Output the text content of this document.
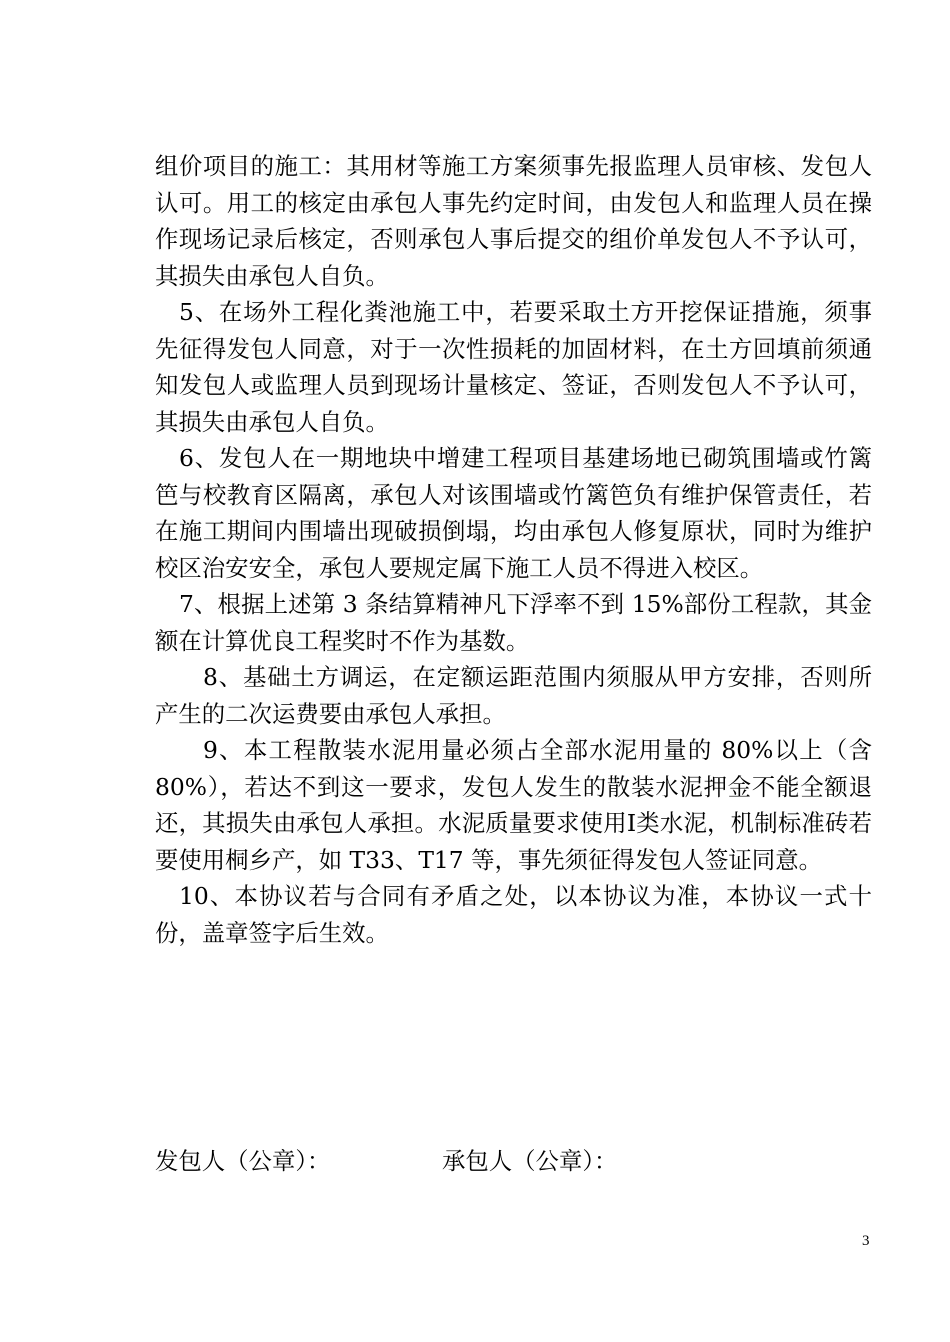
组价项目的施工：其用材等施工方案须事先报监理人员审核、发包人认可。用工的核定由承包人事先约定时间，由发包人和监理人员在操作现场记录后核定，否则承包人事后提交的组价单发包人不予认可，其损失由承包人自负。

5、在场外工程化粪池施工中，若要采取土方开挖保证措施，须事先征得发包人同意，对于一次性损耗的加固材料，在土方回填前须通知发包人或监理人员到现场计量核定、签证，否则发包人不予认可，其损失由承包人自负。

6、发包人在一期地块中增建工程项目基建场地已砌筑围墙或竹篱笆与校教育区隔离，承包人对该围墙或竹篱笆负有维护保管责任，若在施工期间内围墙出现破损倒塌，均由承包人修复原状，同时为维护校区治安安全，承包人要规定属下施工人员不得进入校区。

7、根据上述第 3 条结算精神凡下浮率不到 15%部份工程款，其金额在计算优良工程奖时不作为基数。

8、基础土方调运，在定额运距范围内须服从甲方安排，否则所产生的二次运费要由承包人承担。

9、本工程散装水泥用量必须占全部水泥用量的 80%以上（含80%），若达不到这一要求，发包人发生的散装水泥押金不能全额退还，其损失由承包人承担。水泥质量要求使用Ⅰ类水泥，机制标准砖若要使用桐乡产，如 T33、T17 等，事先须征得发包人签证同意。

10、本协议若与合同有矛盾之处，以本协议为准，本协议一式十份，盖章签字后生效。

发包人（公章）：	承包人（公章）：
3
